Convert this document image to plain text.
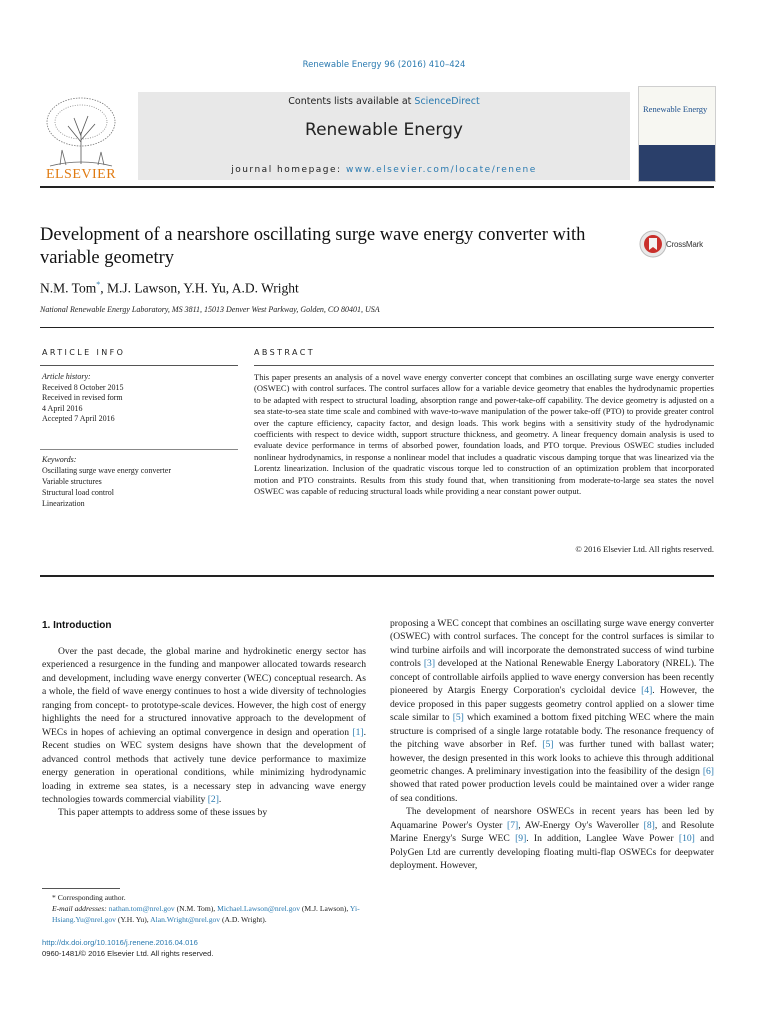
Renewable Energy 96 (2016) 410–424
ELSEVIER
Contents lists available at ScienceDirect
Renewable Energy
journal homepage: www.elsevier.com/locate/renene
Renewable Energy
Development of a nearshore oscillating surge wave energy converter with variable geometry
CrossMark
N.M. Tom*, M.J. Lawson, Y.H. Yu, A.D. Wright
National Renewable Energy Laboratory, MS 3811, 15013 Denver West Parkway, Golden, CO 80401, USA
ARTICLE INFO	ABSTRACT
Article history:
Received 8 October 2015
Received in revised form
4 April 2016
Accepted 7 April 2016
Keywords:
Oscillating surge wave energy converter
Variable structures
Structural load control
Linearization
This paper presents an analysis of a novel wave energy converter concept that combines an oscillating surge wave energy converter (OSWEC) with control surfaces. The control surfaces allow for a variable device geometry that enables the hydrodynamic properties to be adapted with respect to structural loading, absorption range and power-take-off capability. The device geometry is adjusted on a sea state-to-sea state time scale and combined with wave-to-wave manipulation of the power take-off (PTO) to provide greater control over the capture efficiency, capacity factor, and design loads. This work begins with a sensitivity study of the hydrodynamic coefficients with respect to device width, support structure thickness, and geometry. A linear frequency domain analysis is used to evaluate device performance in terms of absorbed power, foundation loads, and PTO torque. Previous OSWEC studies included nonlinear hydrodynamics, in response a nonlinear model that includes a quadratic viscous damping torque that was linearized via the Lorentz linearization. Inclusion of the quadratic viscous torque led to construction of an optimization problem that incorporated motion and PTO constraints. Results from this study found that, when transitioning from moderate-to-large sea states the novel OSWEC was capable of reducing structural loads while providing a near constant power output.
© 2016 Elsevier Ltd. All rights reserved.
1. Introduction

Over the past decade, the global marine and hydrokinetic energy sector has experienced a resurgence in the funding and manpower allocated towards research and development, including wave energy converter (WEC) conceptual research. As a whole, the field of wave energy continues to host a wide diversity of technologies ranging from concept- to prototype-scale devices. However, the high cost of energy highlights the need for a structured innovative approach to the development of WECs in hopes of achieving an optimal convergence in design and operation [1]. Recent studies on WEC system designs have shown that the development of advanced control methods that actively tune device performance to maximize energy generation in operational conditions, while minimizing hydrodynamic loading in extreme sea states, is a necessary step in advancing wave energy technologies towards commercial viability [2].

This paper attempts to address some of these issues by

proposing a WEC concept that combines an oscillating surge wave energy converter (OSWEC) with control surfaces. The concept for the control surfaces is similar to wind turbine airfoils and will incorporate the demonstrated success of wind turbine controls [3] developed at the National Renewable Energy Laboratory (NREL). The concept of controllable airfoils applied to wave energy conversion has been recently pioneered by Atargis Energy Corporation's cycloidal device [4]. However, the device proposed in this paper suggests geometry control applied on a slower time scale similar to [5] which examined a bottom fixed pitching WEC where the main structure is comprised of a single large rotatable body. The resonance frequency of the pitching wave absorber in Ref. [5] was further tuned with ballast water; however, the design presented in this work looks to achieve this through additional geometric changes. A preliminary investigation into the feasibility of the design [6] showed that rated power production levels could be maintained over a wider range of sea conditions.

The development of nearshore OSWECs in recent years has been led by Aquamarine Power's Oyster [7], AW-Energy Oy's Waveroller [8], and Resolute Marine Energy's Surge WEC [9]. In addition, Langlee Wave Power [10] and PolyGen Ltd are currently developing floating multi-flap OSWECs for deepwater deployment. However,

* Corresponding author.
E-mail addresses: nathan.tom@nrel.gov (N.M. Tom), Michael.Lawson@nrel.gov (M.J. Lawson), Yi-Hsiang.Yu@nrel.gov (Y.H. Yu), Alan.Wright@nrel.gov (A.D. Wright).
http://dx.doi.org/10.1016/j.renene.2016.04.016
0960-1481/© 2016 Elsevier Ltd. All rights reserved.
